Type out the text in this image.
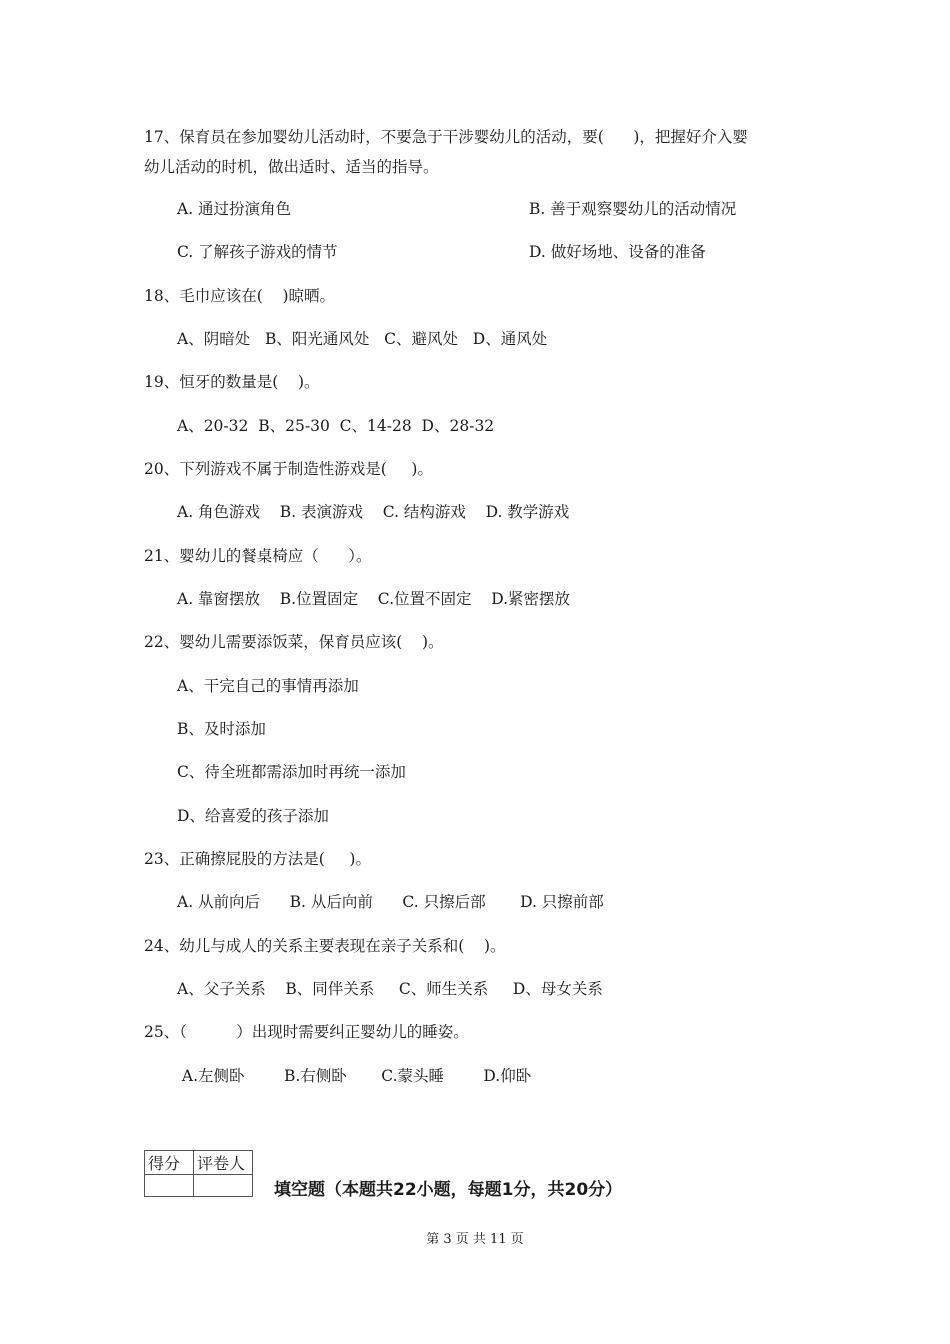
17、保育员在参加婴幼儿活动时，不要急于干涉婴幼儿的活动，要(      )，把握好介入婴
幼儿活动的时机，做出适时、适当的指导。
A. 通过扮演角色	B. 善于观察婴幼儿的活动情况
C. 了解孩子游戏的情节	D. 做好场地、设备的准备
18、毛巾应该在(    )晾晒。
A、阴暗处   B、阳光通风处   C、避风处   D、通风处
19、恒牙的数量是(    )。
A、20-32  B、25-30  C、14-28  D、28-32
20、下列游戏不属于制造性游戏是(     )。
A. 角色游戏    B. 表演游戏    C. 结构游戏    D. 教学游戏
21、婴幼儿的餐桌椅应（      ）。
A. 靠窗摆放    B.位置固定    C.位置不固定    D.紧密摆放
22、婴幼儿需要添饭菜，保育员应该(    )。
A、干完自己的事情再添加
B、及时添加
C、待全班都需添加时再统一添加
D、给喜爱的孩子添加
23、正确擦屁股的方法是(     )。
A. 从前向后      B. 从后向前      C. 只擦后部       D. 只擦前部
24、幼儿与成人的关系主要表现在亲子关系和(    )。
A、父子关系    B、同伴关系     C、师生关系     D、母女关系
25、（          ）出现时需要纠正婴幼儿的睡姿。
A.左侧卧        B.右侧卧       C.蒙头睡        D.仰卧
得分	评卷人

填空题（本题共22小题，每题1分，共20分）
第 3 页 共 11 页
